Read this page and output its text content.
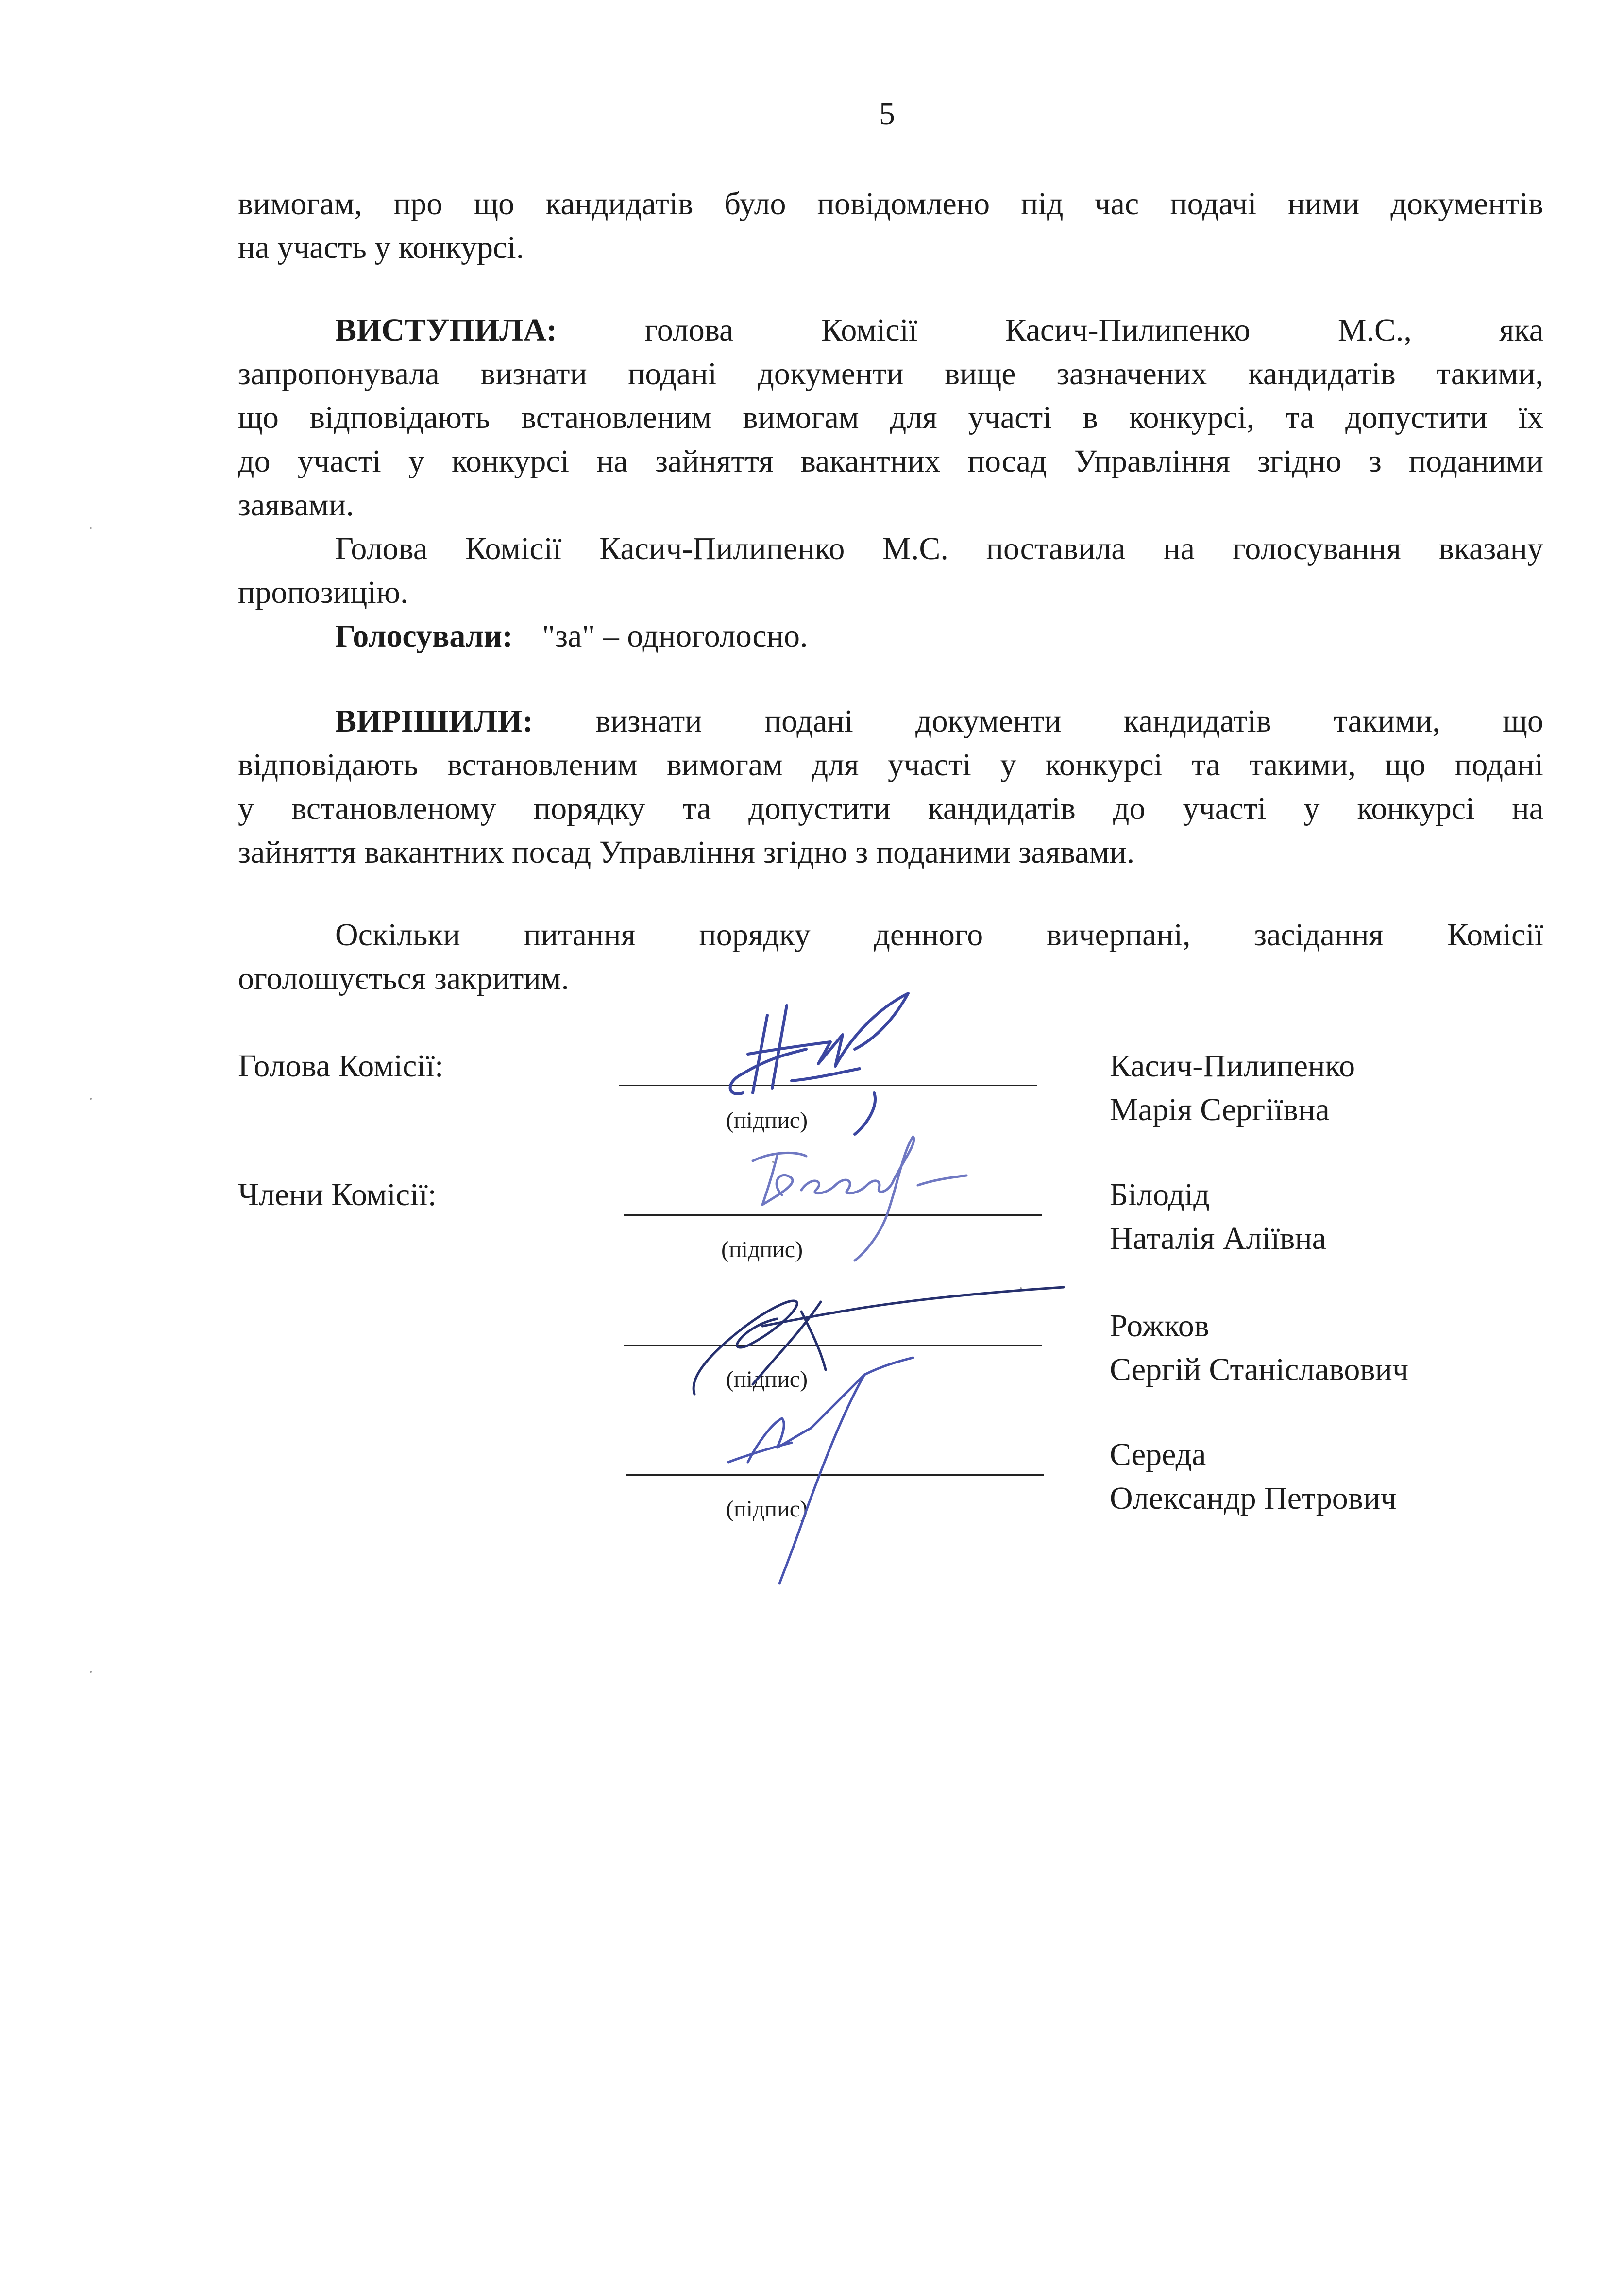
5
вимогам, про що кандидатів було повідомлено під час подачі ними документів
на участь у конкурсі.
ВИСТУПИЛА:	голова Комісії Касич-Пилипенко М.С., яка
запропонувала визнати подані документи вище зазначених кандидатів такими,
що відповідають встановленим вимогам для участі в конкурсі, та допустити їх
до участі у конкурсі на зайняття вакантних посад Управління згідно з поданими
заявами.
Голова Комісії Касич-Пилипенко М.С. поставила на голосування вказану
пропозицію.
Голосували: "за" – одноголосно.
ВИРІШИЛИ: визнати подані документи кандидатів такими, що
відповідають встановленим вимогам для участі у конкурсі та такими, що подані
у встановленому порядку та допустити кандидатів до участі у конкурсі на
зайняття вакантних посад Управління згідно з поданими заявами.
Оскільки питання порядку денного вичерпані, засідання Комісії
оголошується закритим.
Голова Комісії:
(підпис)
Касич-Пилипенко
Марія Сергіївна
Члени Комісії:
(підпис)
Білодід
Наталія Аліївна
(підпис)
Рожков
Сергій Станіславович
(підпис)
Середа
Олександр Петрович
